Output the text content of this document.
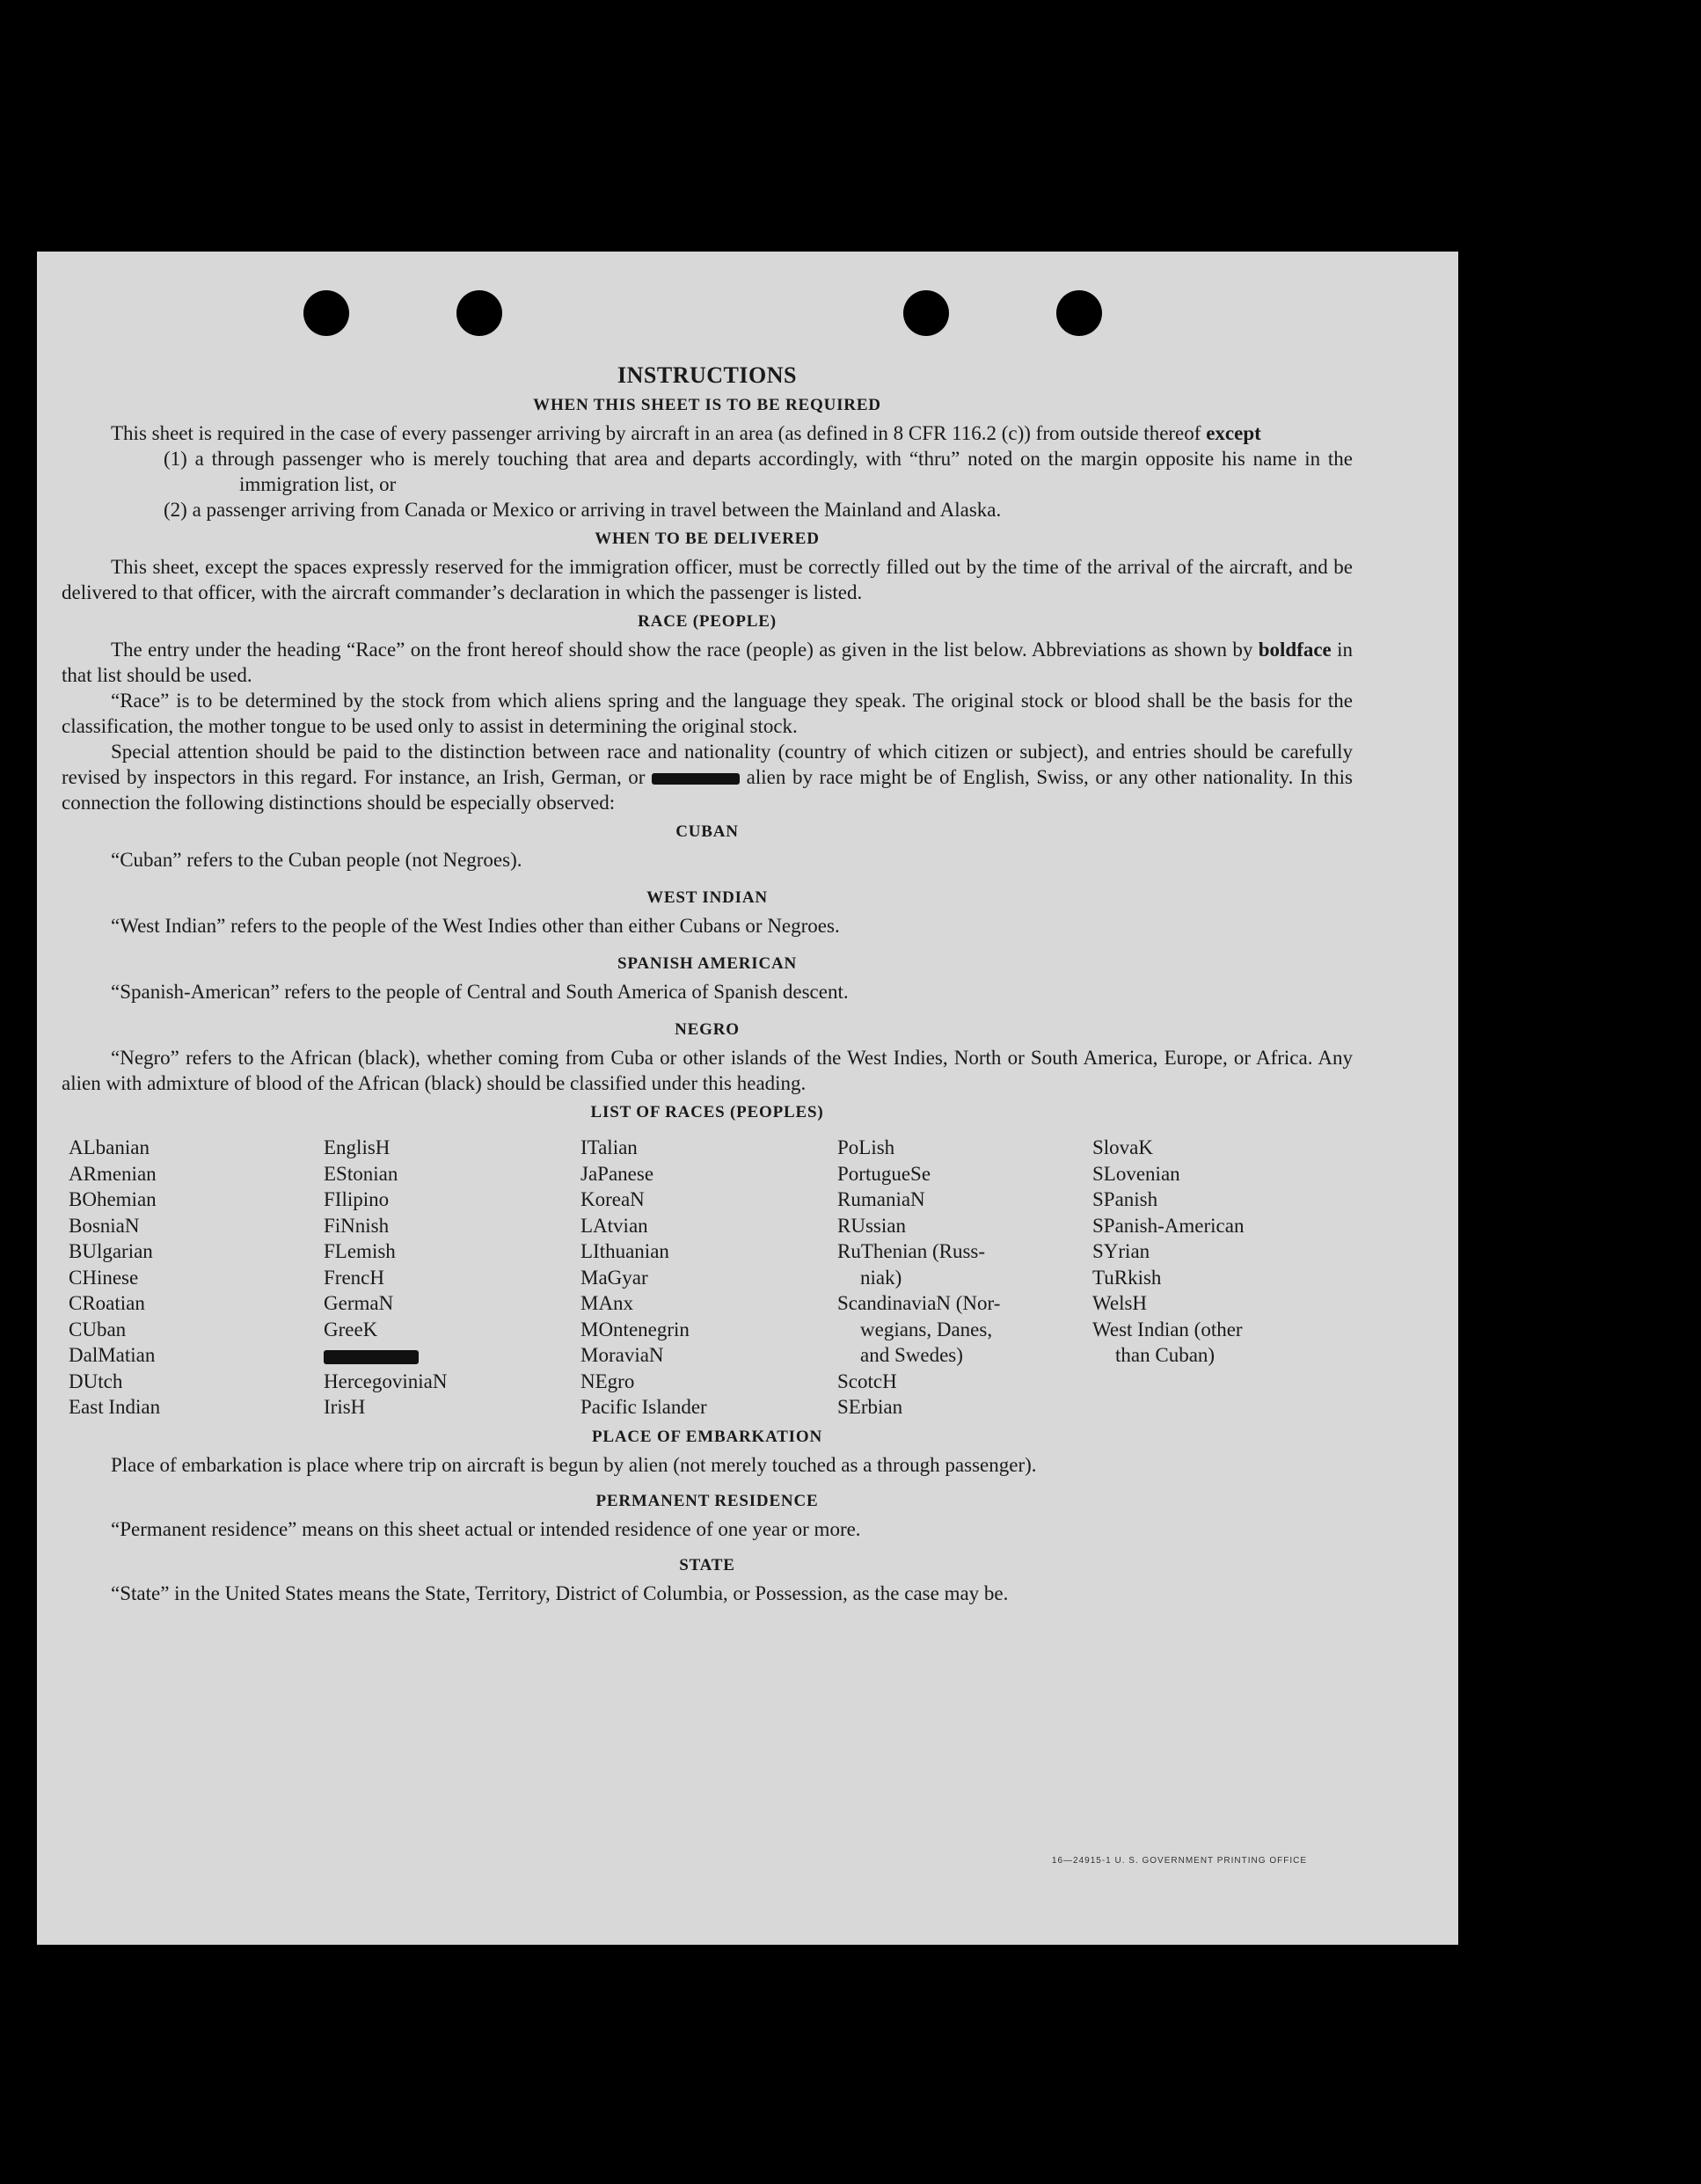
INSTRUCTIONS
WHEN THIS SHEET IS TO BE REQUIRED

This sheet is required in the case of every passenger arriving by aircraft in an area (as defined in 8 CFR 116.2 (c)) from outside thereof except

(1) a through passenger who is merely touching that area and departs accordingly, with “thru” noted on the margin opposite his name in the immigration list, or
(2) a passenger arriving from Canada or Mexico or arriving in travel between the Mainland and Alaska.
WHEN TO BE DELIVERED

This sheet, except the spaces expressly reserved for the immigration officer, must be correctly filled out by the time of the arrival of the aircraft, and be delivered to that officer, with the aircraft commander’s declaration in which the passenger is listed.

RACE (PEOPLE)

The entry under the heading “Race” on the front hereof should show the race (people) as given in the list below. Abbreviations as shown by boldface in that list should be used.

“Race” is to be determined by the stock from which aliens spring and the language they speak. The original stock or blood shall be the basis for the classification, the mother tongue to be used only to assist in determining the original stock.

Special attention should be paid to the distinction between race and nationality (country of which citizen or subject), and entries should be carefully revised by inspectors in this regard. For instance, an Irish, German, or	alien by race might be of English, Swiss, or any other nationality. In this connection the following distinctions should be especially observed:

CUBAN

“Cuban” refers to the Cuban people (not Negroes).

WEST INDIAN

“West Indian” refers to the people of the West Indies other than either Cubans or Negroes.

SPANISH AMERICAN

“Spanish-American” refers to the people of Central and South America of Spanish descent.

NEGRO

“Negro” refers to the African (black), whether coming from Cuba or other islands of the West Indies, North or South America, Europe, or Africa. Any alien with admixture of blood of the African (black) should be classified under this heading.

LIST OF RACES (PEOPLES)
ALbanian
ARmenian
BOhemian
BosniaN
BUlgarian
CHinese
CRoatian
CUban
DalMatian
DUtch
East Indian
EnglisH
EStonian
FIlipino
FiNnish
FLemish
FrencH
GermaN
GreeK
HercegoviniaN
IrisH
ITalian
JaPanese
KoreaN
LAtvian
LIthuanian
MaGyar
MAnx
MOntenegrin
MoraviaN
NEgro
Pacific Islander
PoLish
PortugueSe
RumaniaN
RUssian
RuThenian (Russ-
niak)
ScandinaviaN (Nor-
wegians, Danes,
and Swedes)
ScotcH
SErbian
SlovaK
SLovenian
SPanish
SPanish-American
SYrian
TuRkish
WelsH
West Indian (other
than Cuban)
PLACE OF EMBARKATION

Place of embarkation is place where trip on aircraft is begun by alien (not merely touched as a through passenger).

PERMANENT RESIDENCE

“Permanent residence” means on this sheet actual or intended residence of one year or more.

STATE

“State” in the United States means the State, Territory, District of Columbia, or Possession, as the case may be.

16—24915-1 U. S. GOVERNMENT PRINTING OFFICE
